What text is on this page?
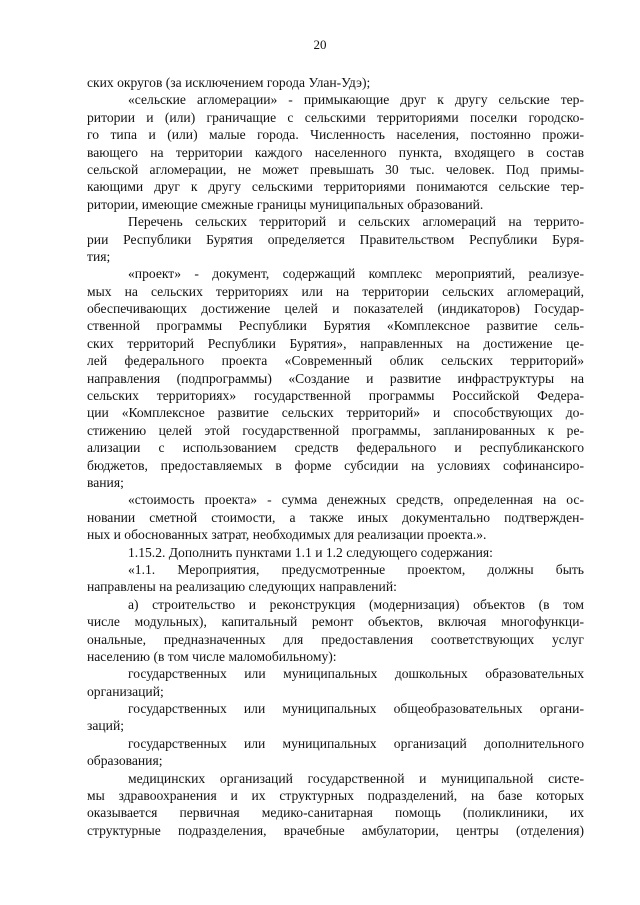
20
ских округов (за исключением города Улан-Удэ);
«сельские агломерации» - примыкающие друг к другу сельские тер-
ритории и (или) граничащие с сельскими территориями поселки городско-
го типа и (или) малые города. Численность населения, постоянно прожи-
вающего на территории каждого населенного пункта, входящего в состав
сельской агломерации, не может превышать 30 тыс. человек. Под примы-
кающими друг к другу сельскими территориями понимаются сельские тер-
ритории, имеющие смежные границы муниципальных образований.
Перечень сельских территорий и сельских агломераций на террито-
рии Республики Бурятия определяется Правительством Республики Буря-
тия;
«проект» - документ, содержащий комплекс мероприятий, реализуе-
мых на сельских территориях или на территории сельских агломераций,
обеспечивающих достижение целей и показателей (индикаторов) Государ-
ственной программы Республики Бурятия «Комплексное развитие сель-
ских территорий Республики Бурятия», направленных на достижение це-
лей федерального проекта «Современный облик сельских территорий»
направления (подпрограммы) «Создание и развитие инфраструктуры на
сельских территориях» государственной программы Российской Федера-
ции «Комплексное развитие сельских территорий» и способствующих до-
стижению целей этой государственной программы, запланированных к ре-
ализации с использованием средств федерального и республиканского
бюджетов, предоставляемых в форме субсидии на условиях софинансиро-
вания;
«стоимость проекта» - сумма денежных средств, определенная на ос-
новании сметной стоимости, а также иных документально подтвержден-
ных и обоснованных затрат, необходимых для реализации проекта.».
1.15.2. Дополнить пунктами 1.1 и 1.2 следующего содержания:
«1.1. Мероприятия, предусмотренные проектом, должны быть
направлены на реализацию следующих направлений:
а) строительство и реконструкция (модернизация) объектов (в том
числе модульных), капитальный ремонт объектов, включая многофункци-
ональные, предназначенных для предоставления соответствующих услуг
населению (в том числе маломобильному):
государственных или муниципальных дошкольных образовательных
организаций;
государственных или муниципальных общеобразовательных органи-
заций;
государственных или муниципальных организаций дополнительного
образования;
медицинских организаций государственной и муниципальной систе-
мы здравоохранения и их структурных подразделений, на базе которых
оказывается первичная медико-санитарная помощь (поликлиники, их
структурные подразделения, врачебные амбулатории, центры (отделения)
